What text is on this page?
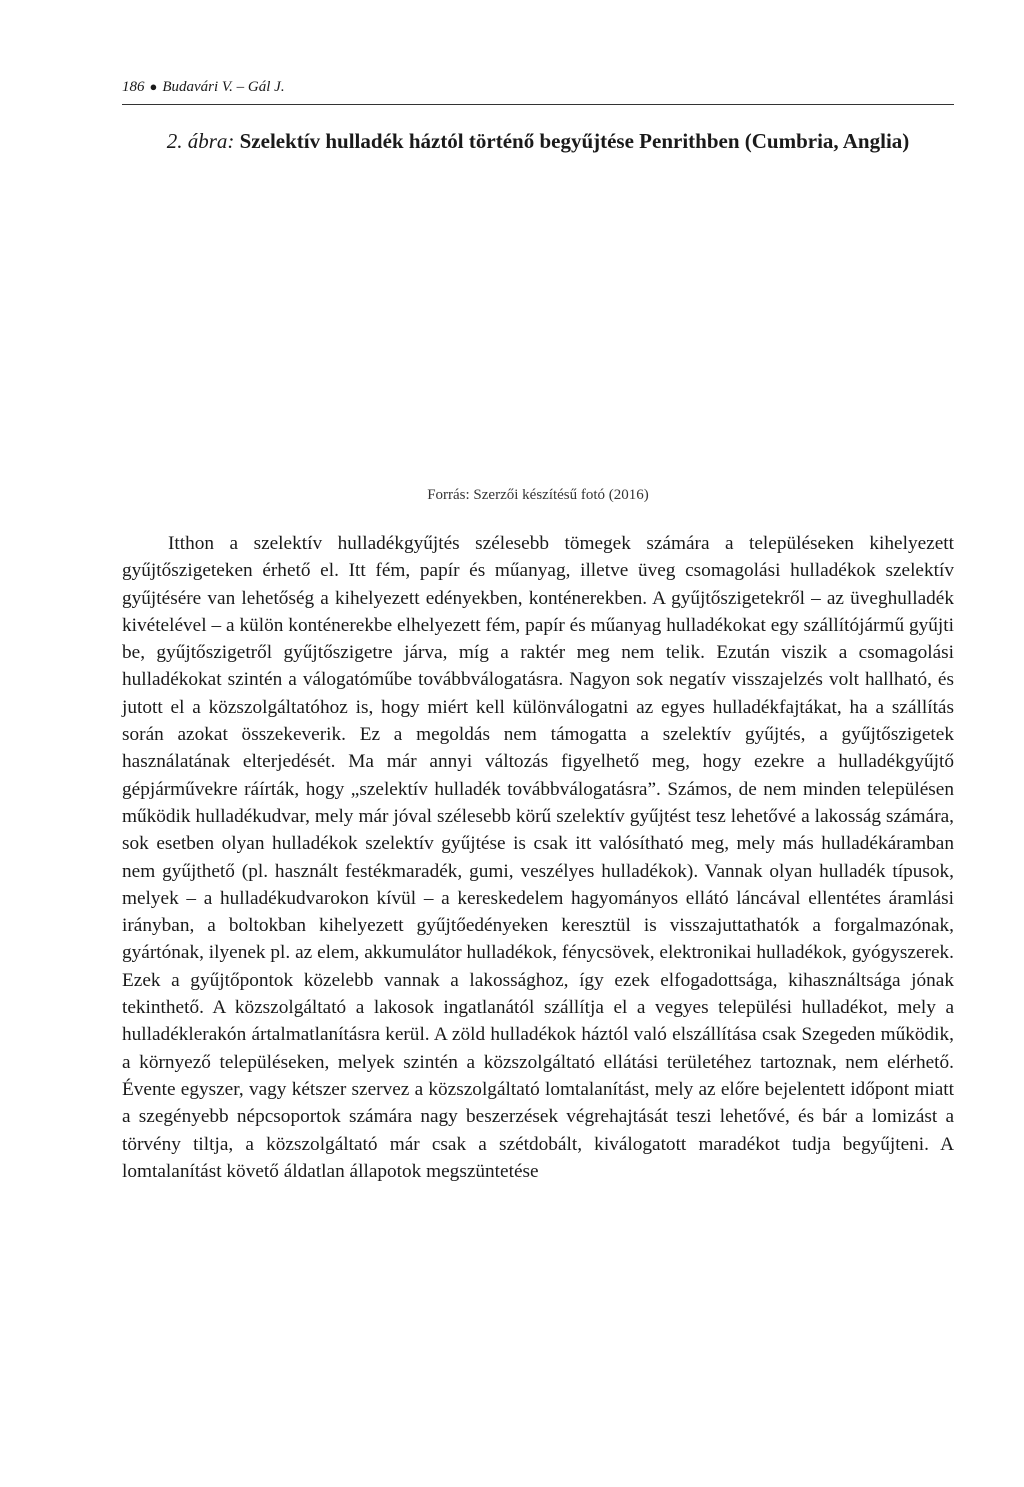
186 ● Budavári V. – Gál J.
2. ábra: Szelektív hulladék háztól történő begyűjtése Penrithben (Cumbria, Anglia)
Forrás: Szerzői készítésű fotó (2016)

Itthon a szelektív hulladékgyűjtés szélesebb tömegek számára a településeken kihelyezett gyűjtőszigeteken érhető el. Itt fém, papír és műanyag, illetve üveg csomagolási hulladékok szelektív gyűjtésére van lehetőség a kihelyezett edényekben, konténerekben. A gyűjtőszigetekről – az üveghulladék kivételével – a külön konténerekbe elhelyezett fém, papír és műanyag hulladékokat egy szállítójármű gyűjti be, gyűjtőszigetről gyűjtőszigetre járva, míg a raktér meg nem telik. Ezután viszik a csomagolási hulladékokat szintén a válogatóműbe továbbválogatásra. Nagyon sok negatív visszajelzés volt hallható, és jutott el a közszolgáltatóhoz is, hogy miért kell különválogatni az egyes hulladékfajtákat, ha a szállítás során azokat összekeverik. Ez a megoldás nem támogatta a szelektív gyűjtés, a gyűjtőszigetek használatának elterjedését. Ma már annyi változás figyelhető meg, hogy ezekre a hulladékgyűjtő gépjárművekre ráírták, hogy „szelektív hulladék továbbválogatásra”. Számos, de nem minden településen működik hulladékudvar, mely már jóval szélesebb körű szelektív gyűjtést tesz lehetővé a lakosság számára, sok esetben olyan hulladékok szelektív gyűjtése is csak itt valósítható meg, mely más hulladékáramban nem gyűjthető (pl. használt festékmaradék, gumi, veszélyes hulladékok). Vannak olyan hulladék típusok, melyek – a hulladékudvarokon kívül – a kereskedelem hagyományos ellátó láncával ellentétes áramlási irányban, a boltokban kihelyezett gyűjtőedényeken keresztül is visszajuttathatók a forgalmazónak, gyártónak, ilyenek pl. az elem, akkumulátor hulladékok, fénycsövek, elektronikai hulladékok, gyógyszerek. Ezek a gyűjtőpontok közelebb vannak a lakossághoz, így ezek elfogadottsága, kihasználtsága jónak tekinthető. A közszolgáltató a lakosok ingatlanától szállítja el a vegyes települési hulladékot, mely a hulladéklerakón ártalmatlanításra kerül. A zöld hulladékok háztól való elszállítása csak Szegeden működik, a környező településeken, melyek szintén a közszolgáltató ellátási területéhez tartoznak, nem elérhető. Évente egyszer, vagy kétszer szervez a közszolgáltató lomtalanítást, mely az előre bejelentett időpont miatt a szegényebb népcsoportok számára nagy beszerzések végrehajtását teszi lehetővé, és bár a lomizást a törvény tiltja, a közszolgáltató már csak a szétdobált, kiválogatott maradékot tudja begyűjteni. A lomtalanítást követő áldatlan állapotok megszüntetése
